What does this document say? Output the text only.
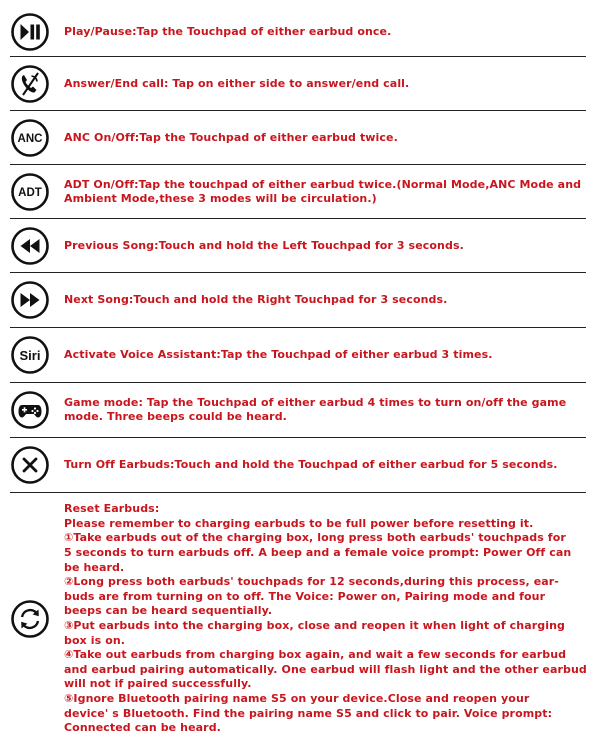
Play/Pause:Tap the Touchpad of either earbud once.
Answer/End call: Tap on either side to answer/end call.
ANC ANC On/Off:Tap the Touchpad of either earbud twice.
ADT
ADT On/Off:Tap the touchpad of either earbud twice.(Normal Mode,ANC Mode and Ambient Mode,these 3 modes will be circulation.)
Previous Song:Touch and hold the Left Touchpad for 3 seconds.
Next Song:Touch and hold the Right Touchpad for 3 seconds.
Siri Activate Voice Assistant:Tap the Touchpad of either earbud 3 times.
Game mode: Tap the Touchpad of either earbud 4 times to turn on/off the game mode. Three beeps could be heard.
Turn Off Earbuds:Touch and hold the Touchpad of either earbud for 5 seconds.
Reset Earbuds:
Please remember to charging earbuds to be full power before resetting it.
①Take earbuds out of the charging box, long press both earbuds' touchpads for
5 seconds to turn earbuds off. A beep and a female voice prompt: Power Off can
be heard.
②Long press both earbuds' touchpads for 12 seconds,during this process, ear-
buds are from turning on to off. The Voice: Power on, Pairing mode and four
beeps can be heard sequentially.
③Put earbuds into the charging box, close and reopen it when light of charging
box is on.
④Take out earbuds from charging box again, and wait a few seconds for earbud
and earbud pairing automatically. One earbud will flash light and the other earbud
will not if paired successfully.
⑤Ignore Bluetooth pairing name S5 on your device.Close and reopen your
device' s Bluetooth. Find the pairing name S5 and click to pair. Voice prompt:
Connected can be heard.
